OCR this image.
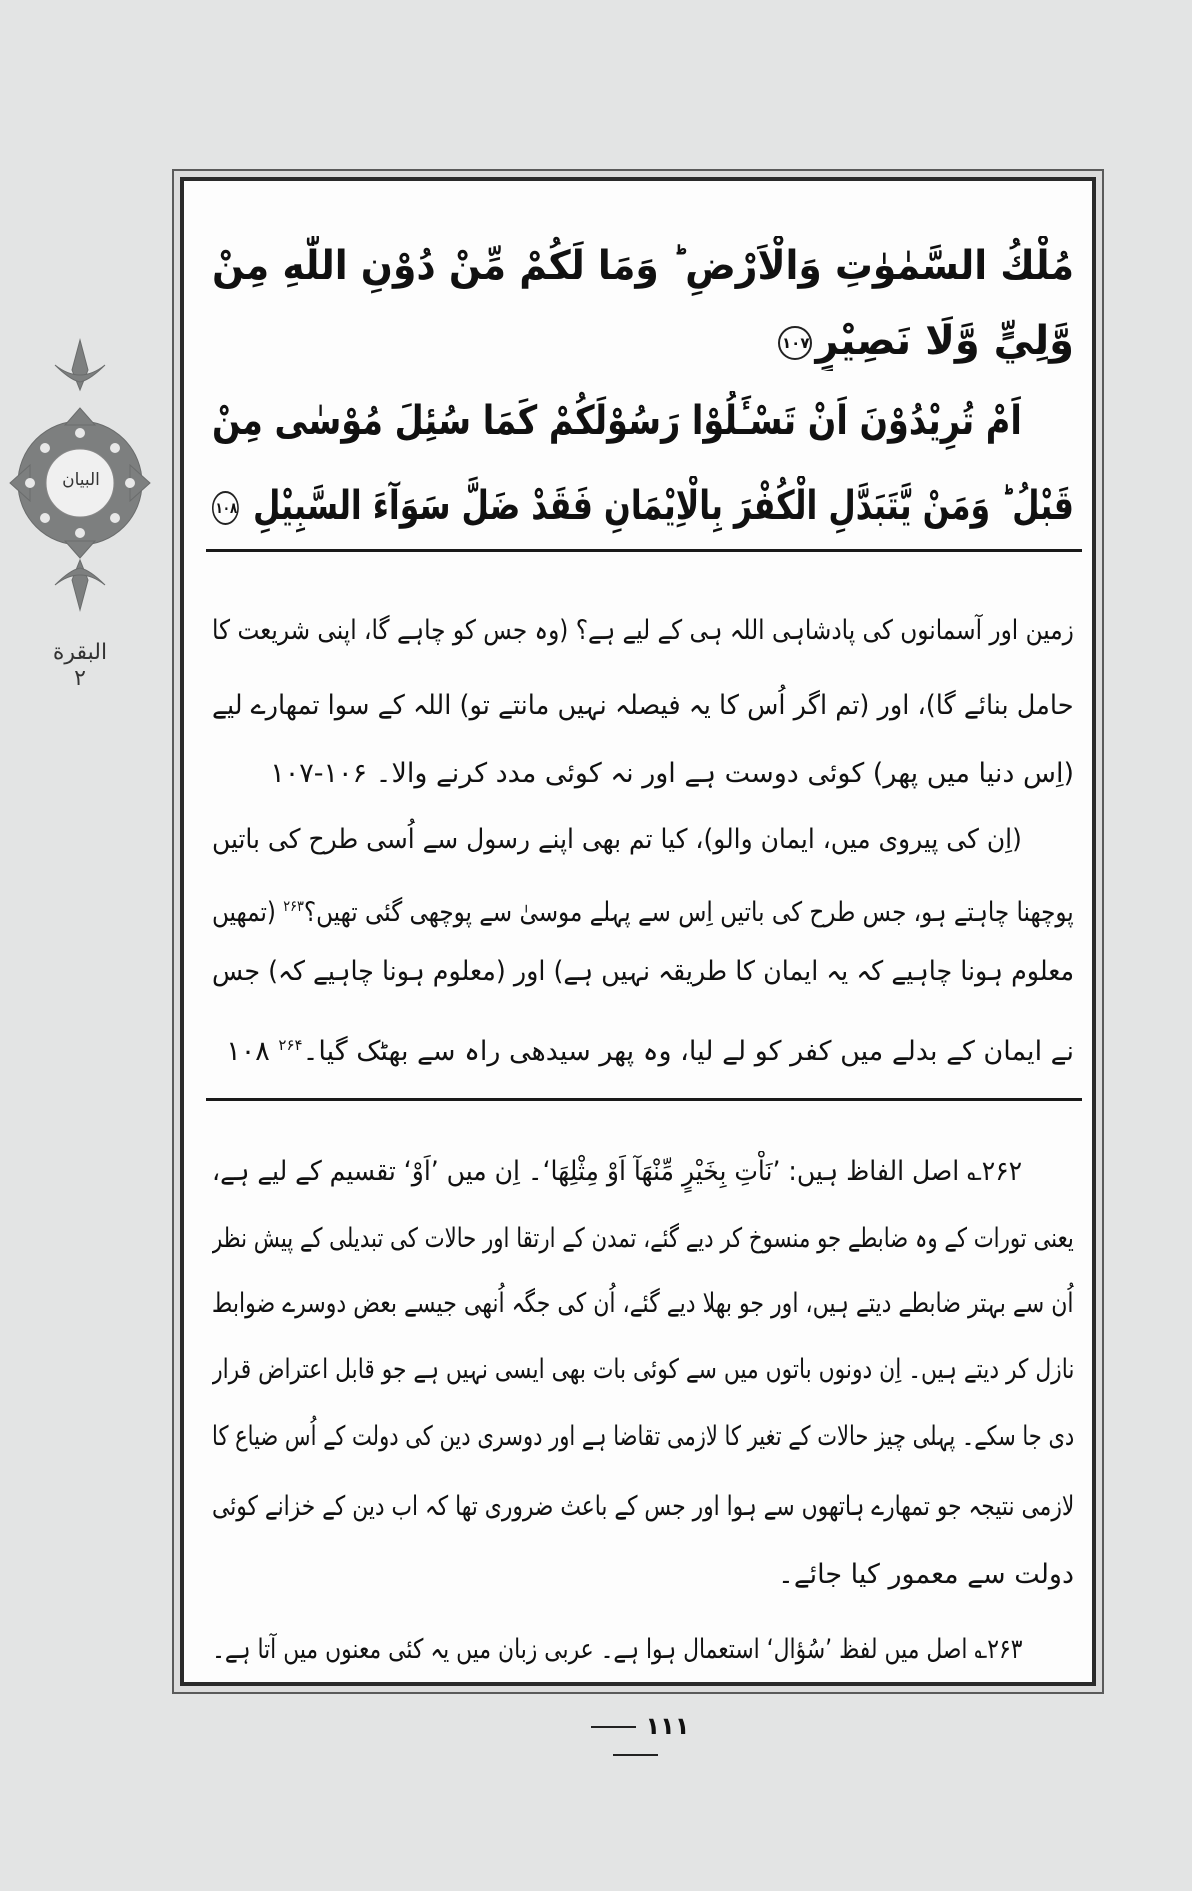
البیان
البقرة
۲
مُلْكُ السَّمٰوٰتِ وَالْاَرْضِ ؕ وَمَا لَكُمْ مِّنْ دُوْنِ اللّٰهِ مِنْ
وَّلِيٍّ وَّلَا نَصِيْرٍ١٠٧
اَمْ تُرِيْدُوْنَ اَنْ تَسْـَٔلُوْا رَسُوْلَكُمْ كَمَا سُئِلَ مُوْسٰى مِنْ
قَبْلُ ؕ وَمَنْ يَّتَبَدَّلِ الْكُفْرَ بِالْاِيْمَانِ فَقَدْ ضَلَّ سَوَآءَ السَّبِيْلِ ١٠٨
زمین اور آسمانوں کی پادشاہی اللہ ہی کے لیے ہے؟ (وہ جس کو چاہے گا، اپنی شریعت کا
حامل بنائے گا)، اور (تم اگر اُس کا یہ فیصلہ نہیں مانتے تو) اللہ کے سوا تمھارے لیے
(اِس دنیا میں پھر) کوئی دوست ہے اور نہ کوئی مدد کرنے والا۔ ۱۰۶-۱۰۷
(اِن کی پیروی میں، ایمان والو)، کیا تم بھی اپنے رسول سے اُسی طرح کی باتیں
پوچھنا چاہتے ہو، جس طرح کی باتیں اِس سے پہلے موسیٰ سے پوچھی گئی تھیں؟$^{۲۶۳}$ (تمھیں
معلوم ہونا چاہیے کہ یہ ایمان کا طریقہ نہیں ہے) اور (معلوم ہونا چاہیے کہ) جس
نے ایمان کے بدلے میں کفر کو لے لیا، وہ پھر سیدھی راہ سے بھٹک گیا۔$^{۲۶۴}$ ۱۰۸
۲۶۲؎ اصل الفاظ ہیں: ’نَاْتِ بِخَيْرٍ مِّنْهَآ اَوْ مِثْلِهَا‘۔ اِن میں ’اَوْ‘ تقسیم کے لیے ہے،
یعنی تورات کے وہ ضابطے جو منسوخ کر دیے گئے، تمدن کے ارتقا اور حالات کی تبدیلی کے پیش نظر
اُن سے بہتر ضابطے دیتے ہیں، اور جو بھلا دیے گئے، اُن کی جگہ اُنھی جیسے بعض دوسرے ضوابط
نازل کر دیتے ہیں۔ اِن دونوں باتوں میں سے کوئی بات بھی ایسی نہیں ہے جو قابل اعتراض قرار
دی جا سکے۔ پہلی چیز حالات کے تغیر کا لازمی تقاضا ہے اور دوسری دین کی دولت کے اُس ضیاع کا
لازمی نتیجہ جو تمھارے ہاتھوں سے ہوا اور جس کے باعث ضروری تھا کہ اب دین کے خزانے کوئی
دولت سے معمور کیا جائے۔
۲۶۳؎ اصل میں لفظ ’سُؤال‘ استعمال ہوا ہے۔ عربی زبان میں یہ کئی معنوں میں آتا ہے۔
۱۱۱
